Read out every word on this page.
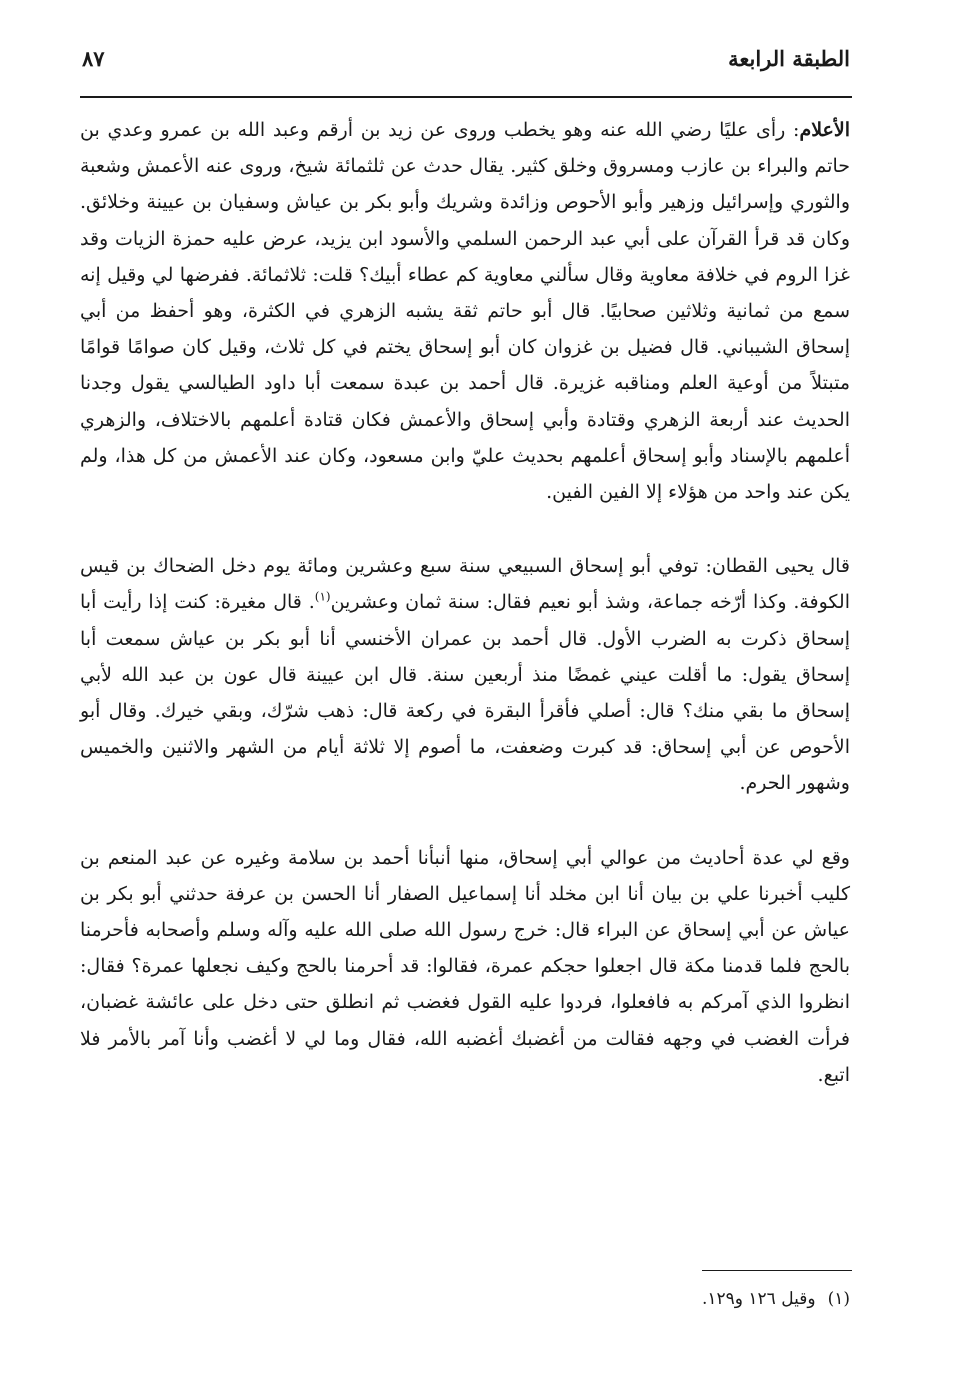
الطبقة الرابعة
٨٧

الأعلام: رأى عليًا رضي الله عنه وهو يخطب وروى عن زيد بن أرقم وعبد الله بن عمرو وعدي بن حاتم والبراء بن عازب ومسروق وخلق كثير. يقال حدث عن ثلثمائة شيخ، وروى عنه الأعمش وشعبة والثوري وإسرائيل وزهير وأبو الأحوص وزائدة وشريك وأبو بكر بن عياش وسفيان بن عيينة وخلائق. وكان قد قرأ القرآن على أبي عبد الرحمن السلمي والأسود ابن يزيد، عرض عليه حمزة الزيات وقد غزا الروم في خلافة معاوية وقال سألني معاوية كم عطاء أبيك؟ قلت: ثلاثمائة. ففرضها لي وقيل إنه سمع من ثمانية وثلاثين صحابيًا. قال أبو حاتم ثقة يشبه الزهري في الكثرة، وهو أحفظ من أبي إسحاق الشيباني. قال فضيل بن غزوان كان أبو إسحاق يختم في كل ثلاث، وقيل كان صوامًا قوامًا متبتلاً من أوعية العلم ومناقبه غزيرة. قال أحمد بن عبدة سمعت أبا داود الطيالسي يقول وجدنا الحديث عند أربعة الزهري وقتادة وأبي إسحاق والأعمش فكان قتادة أعلمهم بالاختلاف، والزهري أعلمهم بالإسناد وأبو إسحاق أعلمهم بحديث عليّ وابن مسعود، وكان عند الأعمش من كل هذا، ولم يكن عند واحد من هؤلاء إلا الفين الفين.

قال يحيى القطان: توفي أبو إسحاق السبيعي سنة سبع وعشرين ومائة يوم دخل الضحاك بن قيس الكوفة. وكذا أرّخه جماعة، وشذ أبو نعيم فقال: سنة ثمان وعشرين$^{(١)}$. قال مغيرة: كنت إذا رأيت أبا إسحاق ذكرت به الضرب الأول. قال أحمد بن عمران الأخنسي أنا أبو بكر بن عياش سمعت أبا إسحاق يقول: ما أقلت عيني غمضًا منذ أربعين سنة. قال ابن عيينة قال عون بن عبد الله لأبي إسحاق ما بقي منك؟ قال: أصلي فأقرأ البقرة في ركعة قال: ذهب شرّك، وبقي خيرك. وقال أبو الأحوص عن أبي إسحاق: قد كبرت وضعفت، ما أصوم إلا ثلاثة أيام من الشهر والاثنين والخميس وشهور الحرم.

وقع لي عدة أحاديث من عوالي أبي إسحاق، منها أنبأنا أحمد بن سلامة وغيره عن عبد المنعم بن كليب أخبرنا علي بن بيان أنا ابن مخلد أنا إسماعيل الصفار أنا الحسن بن عرفة حدثني أبو بكر بن عياش عن أبي إسحاق عن البراء قال: خرج رسول الله صلى الله عليه وآله وسلم وأصحابه فأحرمنا بالحج فلما قدمنا مكة قال اجعلوا حجكم عمرة، فقالوا: قد أحرمنا بالحج وكيف نجعلها عمرة؟ فقال: انظروا الذي آمركم به فافعلوا، فردوا عليه القول فغضب ثم انطلق حتى دخل على عائشة غضبان، فرأت الغضب في وجهه فقالت من أغضبك أغضبه الله، فقال وما لي لا أغضب وأنا آمر بالأمر فلا اتبع.

(١)وقيل ١٢٦ و١٢٩.
